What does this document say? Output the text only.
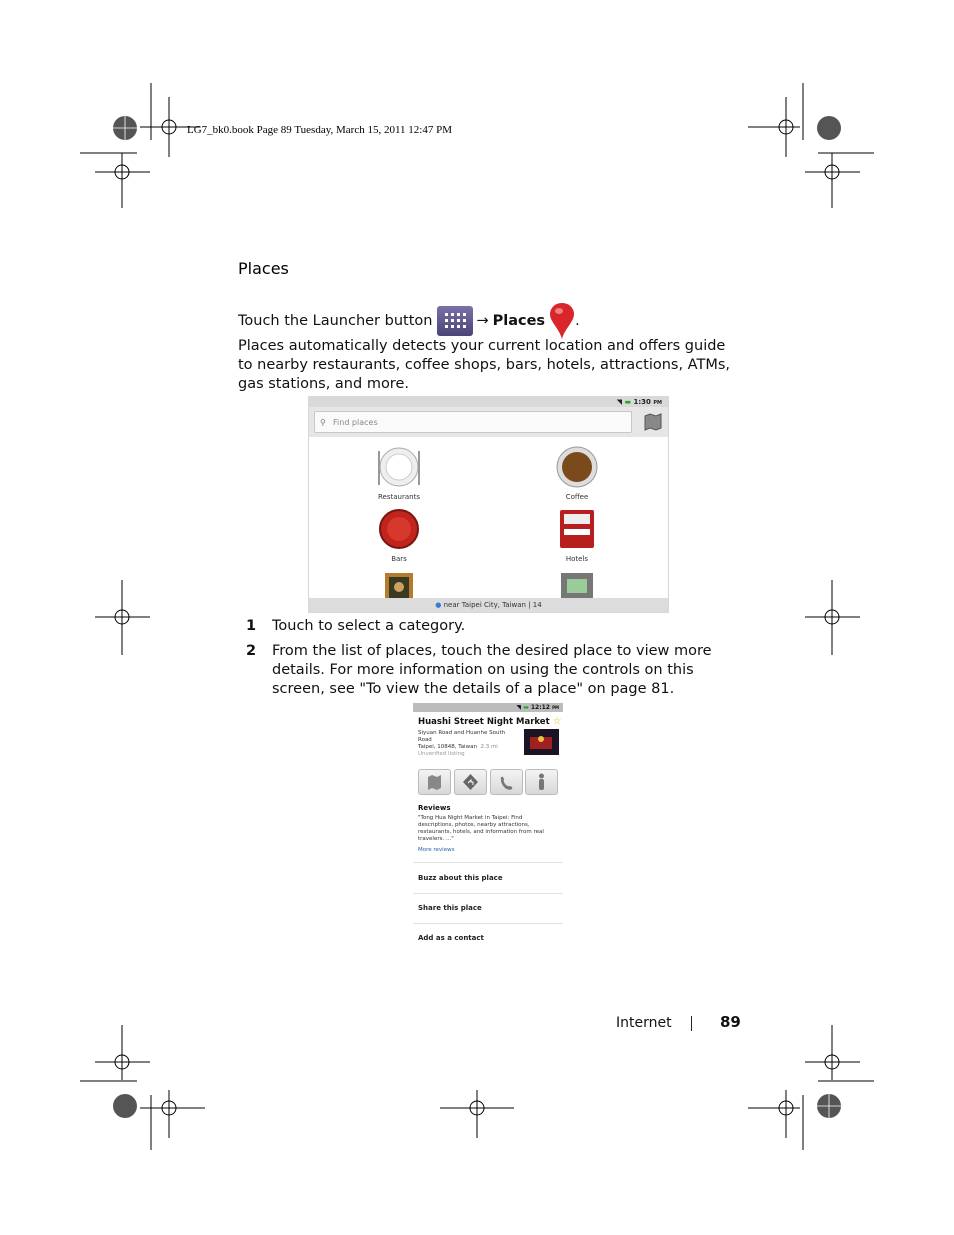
LG7_bk0.book Page 89 Tuesday, March 15, 2011 12:47 PM
Places
Touch the Launcher button	→ Places .
Places automatically detects your current location and offers guide to nearby restaurants, coffee shops, bars, hotels, attractions, ATMs, gas stations, and more.
◥ ▬ 1:30 PM
⚲ Find places
Restaurants	Coffee
Bars	Hotels
● near Taipei City, Taiwan | 14
1 Touch to select a category.
2 From the list of places, touch the desired place to view more details. For more information on using the controls on this screen, see "To view the details of a place" on page 81.
◥ ▬ 12:12 PM
Huashi Street Night Market ☆
Siyuan Road and Huanhe South
Road
Taipei, 10848, Taiwan 2.3 mi
Unverified listing
Reviews
"Tong Hua Night Market in Taipei: Find descriptions, photos, nearby attractions, restaurants, hotels, and information from real travelers. ..."
More reviews
Buzz about this place
Share this place
Add as a contact
Internet	89
